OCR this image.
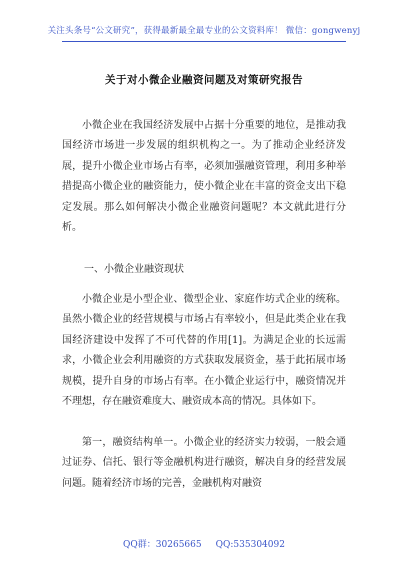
关注头条号“公文研究”，获得最新最全最专业的公文资料库！ 微信：gongwenyj
关于对小微企业融资问题及对策研究报告
小微企业在我国经济发展中占据十分重要的地位，是推动我国经济市场进一步发展的组织机构之一。为了推动企业经济发展，提升小微企业市场占有率，必须加强融资管理，利用多种举措提高小微企业的融资能力，使小微企业在丰富的资金支出下稳定发展。那么如何解决小微企业融资问题呢？本文就此进行分析。
一、小微企业融资现状
小微企业是小型企业、微型企业、家庭作坊式企业的统称。虽然小微企业的经营规模与市场占有率较小，但是此类企业在我国经济建设中发挥了不可代替的作用[1]。为满足企业的长远需求，小微企业会利用融资的方式获取发展资金，基于此拓展市场规模，提升自身的市场占有率。在小微企业运行中，融资情况并不理想，存在融资难度大、融资成本高的情况。具体如下。
第一，融资结构单一。小微企业的经济实力较弱，一般会通过证券、信托、银行等金融机构进行融资，解决自身的经营发展问题。随着经济市场的完善，金融机构对融资
QQ群：30265665 QQ:535304092
